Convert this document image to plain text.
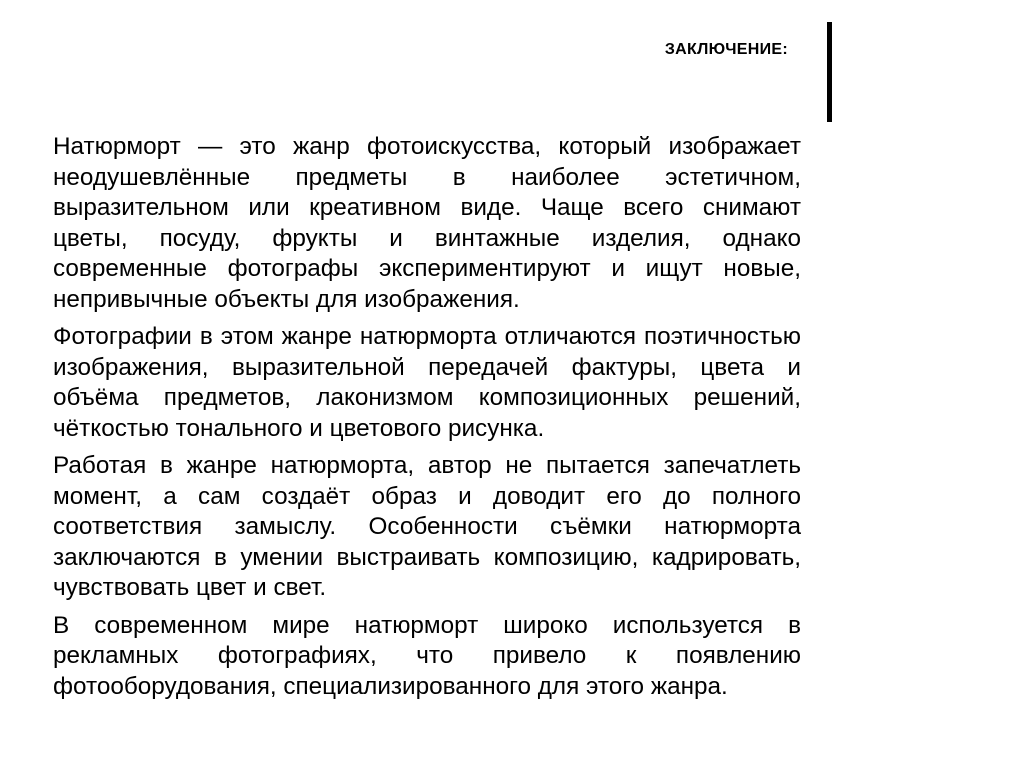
ЗАКЛЮЧЕНИЕ:

Натюрморт — это жанр фотоискусства, который изображает неодушевлённые предметы в наиболее эстетичном, выразительном или креативном виде. Чаще всего снимают цветы, посуду, фрукты и винтажные изделия, однако современные фотографы экспериментируют и ищут новые, непривычные объекты для изображения.

Фотографии в этом жанре натюрморта отличаются поэтичностью изображения, выразительной передачей фактуры, цвета и объёма предметов, лаконизмом композиционных решений, чёткостью тонального и цветового рисунка.

Работая в жанре натюрморта, автор не пытается запечатлеть момент, а сам создаёт образ и доводит его до полного соответствия замыслу. Особенности съёмки натюрморта заключаются в умении выстраивать композицию, кадрировать, чувствовать цвет и свет.

В современном мире натюрморт широко используется в рекламных фотографиях, что привело к появлению фотооборудования, специализированного для этого жанра.
